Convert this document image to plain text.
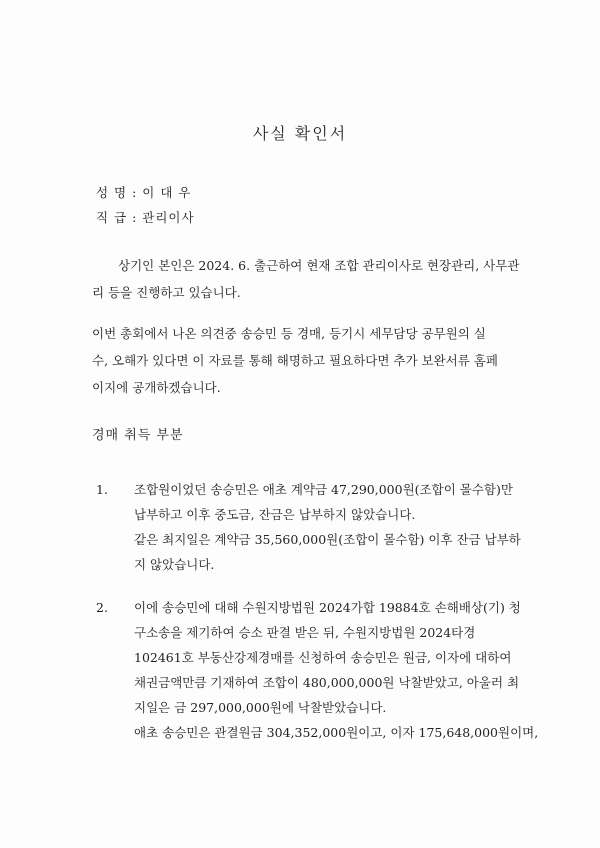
사실 확인서
성 명 : 이 대 우
직 급 : 관리이사
상기인 본인은 2024. 6. 출근하여 현재 조합 관리이사로 현장관리, 사무관
리 등을 진행하고 있습니다.
이번 총회에서 나온 의견중 송승민 등 경매, 등기시 세무담당 공무원의 실
수, 오해가 있다면 이 자료를 통해 해명하고 필요하다면 추가 보완서류 홈페
이지에 공개하겠습니다.
경매 취득 부분
1. 조합원이었던 송승민은 애초 계약금 47,290,000원(조합이 몰수함)만
납부하고 이후 중도금, 잔금은 납부하지 않았습니다.
같은 최지일은 계약금 35,560,000원(조합이 몰수함) 이후 잔금 납부하
지 않았습니다.
2. 이에 송승민에 대해 수원지방법원 2024가합 19884호 손해배상(기) 청
구소송을 제기하여 승소 판결 받은 뒤, 수원지방법원 2024타경
102461호 부동산강제경매를 신청하여 송승민은 원금, 이자에 대하여
채권금액만큼 기재하여 조합이 480,000,000원 낙찰받았고, 아울러 최
지일은 금 297,000,000원에 낙찰받았습니다.
애초 송승민은 관결원금 304,352,000원이고, 이자 175,648,000원이며,
